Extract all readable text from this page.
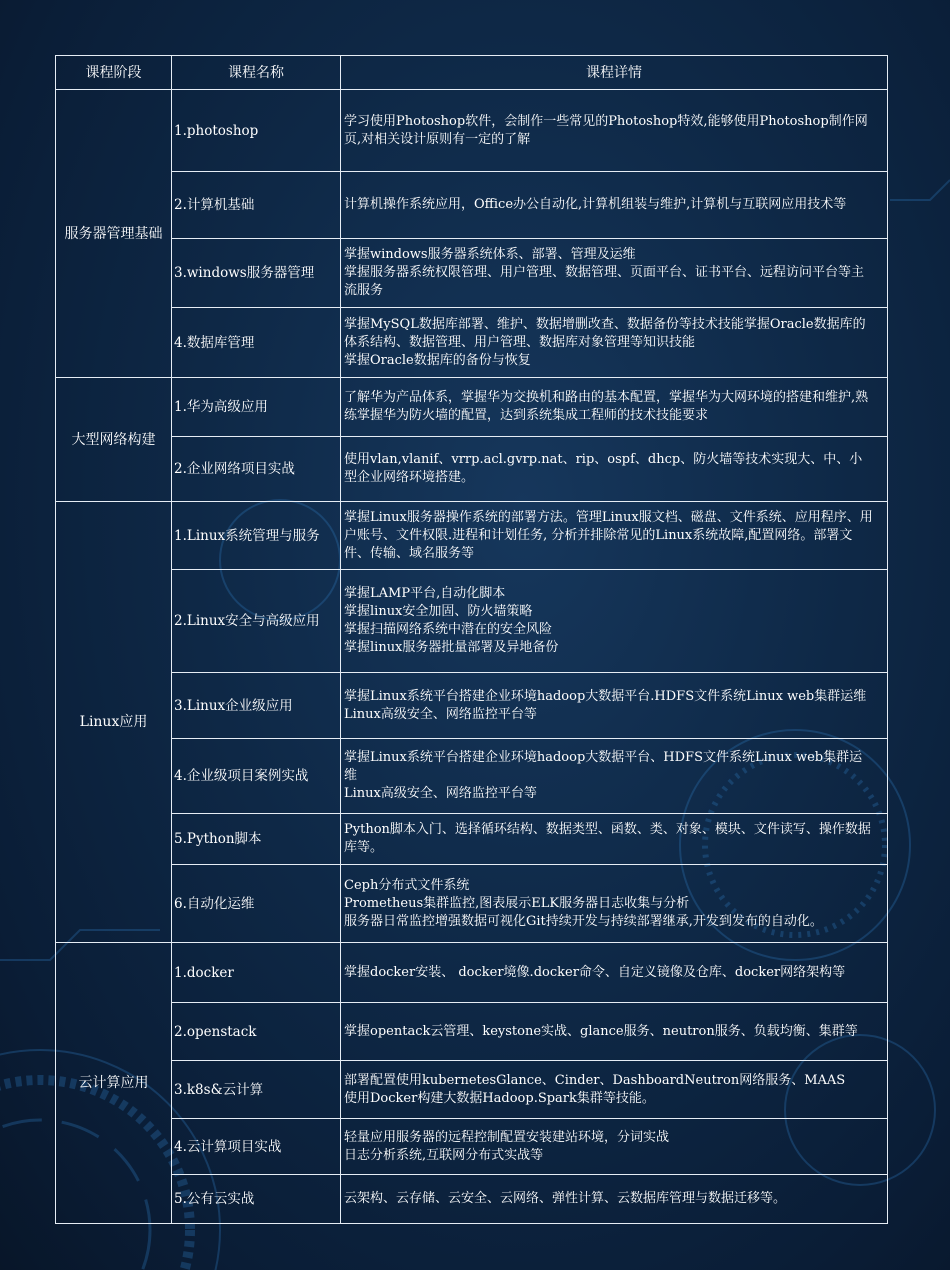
课程阶段	课程名称	课程详情
服务器管理基础	1.photoshop	学习使用Photoshop软件，会制作一些常见的Photoshop特效,能够使用Photoshop制作网页,对相关设计原则有一定的了解

	2.计算机基础	计算机操作系统应用，Office办公自动化,计算机组装与维护,计算机与互联网应用技术等

	3.windows服务器管理	掌握windows服务器系统体系、部署、管理及运维
掌握服务器系统权限管理、用户管理、数据管理、页面平台、证书平台、远程访问平台等主流服务

	4.数据库管理	掌握MySQL数据库部署、维护、数据增删改查、数据备份等技术技能掌握Oracle数据库的体系结构、数据管理、用户管理、数据库对象管理等知识技能
掌握Oracle数据库的备份与恢复

大型网络构建	1.华为高级应用	了解华为产品体系，掌握华为交换机和路由的基本配置，掌握华为大网环境的搭建和维护,熟练掌握华为防火墙的配置，达到系统集成工程师的技术技能要求

	2.企业网络项目实战	使用vlan,vlanif、vrrp.acl.gvrp.nat、rip、ospf、dhcp、防火墙等技术实现大、中、小型企业网络环境搭建。

Linux应用	1.Linux系统管理与服务	掌握Linux服务器操作系统的部署方法。管理Linux服文档、磁盘、文件系统、应用程序、用户账号、文件权限.进程和计划任务, 分析并排除常见的Linux系统故障,配置网络。部署文件、传输、域名服务等

	2.Linux安全与高级应用	掌握LAMP平台,自动化脚本
掌握linux安全加固、防火墙策略
掌握扫描网络系统中潜在的安全风险
掌握linux服务器批量部署及异地备份

	3.Linux企业级应用	掌握Linux系统平台搭建企业环境hadoop大数据平台.HDFS文件系统Linux web集群运维
Linux高级安全、网络监控平台等

	4.企业级项目案例实战	掌握Linux系统平台搭建企业环境hadoop大数据平台、HDFS文件系统Linux web集群运维
Linux高级安全、网络监控平台等

	5.Python脚本	Python脚本入门、选择循环结构、数据类型、函数、类、对象、模块、文件读写、操作数据库等。

	6.自动化运维	Ceph分布式文件系统
Prometheus集群监控,图表展示ELK服务器日志收集与分析
服务器日常监控增强数据可视化Git持续开发与持续部署继承,开发到发布的自动化。

云计算应用	1.docker	掌握docker安装、 docker境像.docker命令、自定义镜像及仓库、docker网络架构等

	2.openstack	掌握opentack云管理、keystone实战、glance服务、neutron服务、负载均衡、集群等

	3.k8s&云计算	部署配置使用kubernetesGlance、Cinder、DashboardNeutron网络服务、MAAS
使用Docker构建大数据Hadoop.Spark集群等技能。

	4.云计算项目实战	轻量应用服务器的远程控制配置安装建站环境，分词实战
日志分析系统,互联网分布式实战等

	5.公有云实战	云架构、云存储、云安全、云网络、弹性计算、云数据库管理与数据迁移等。
